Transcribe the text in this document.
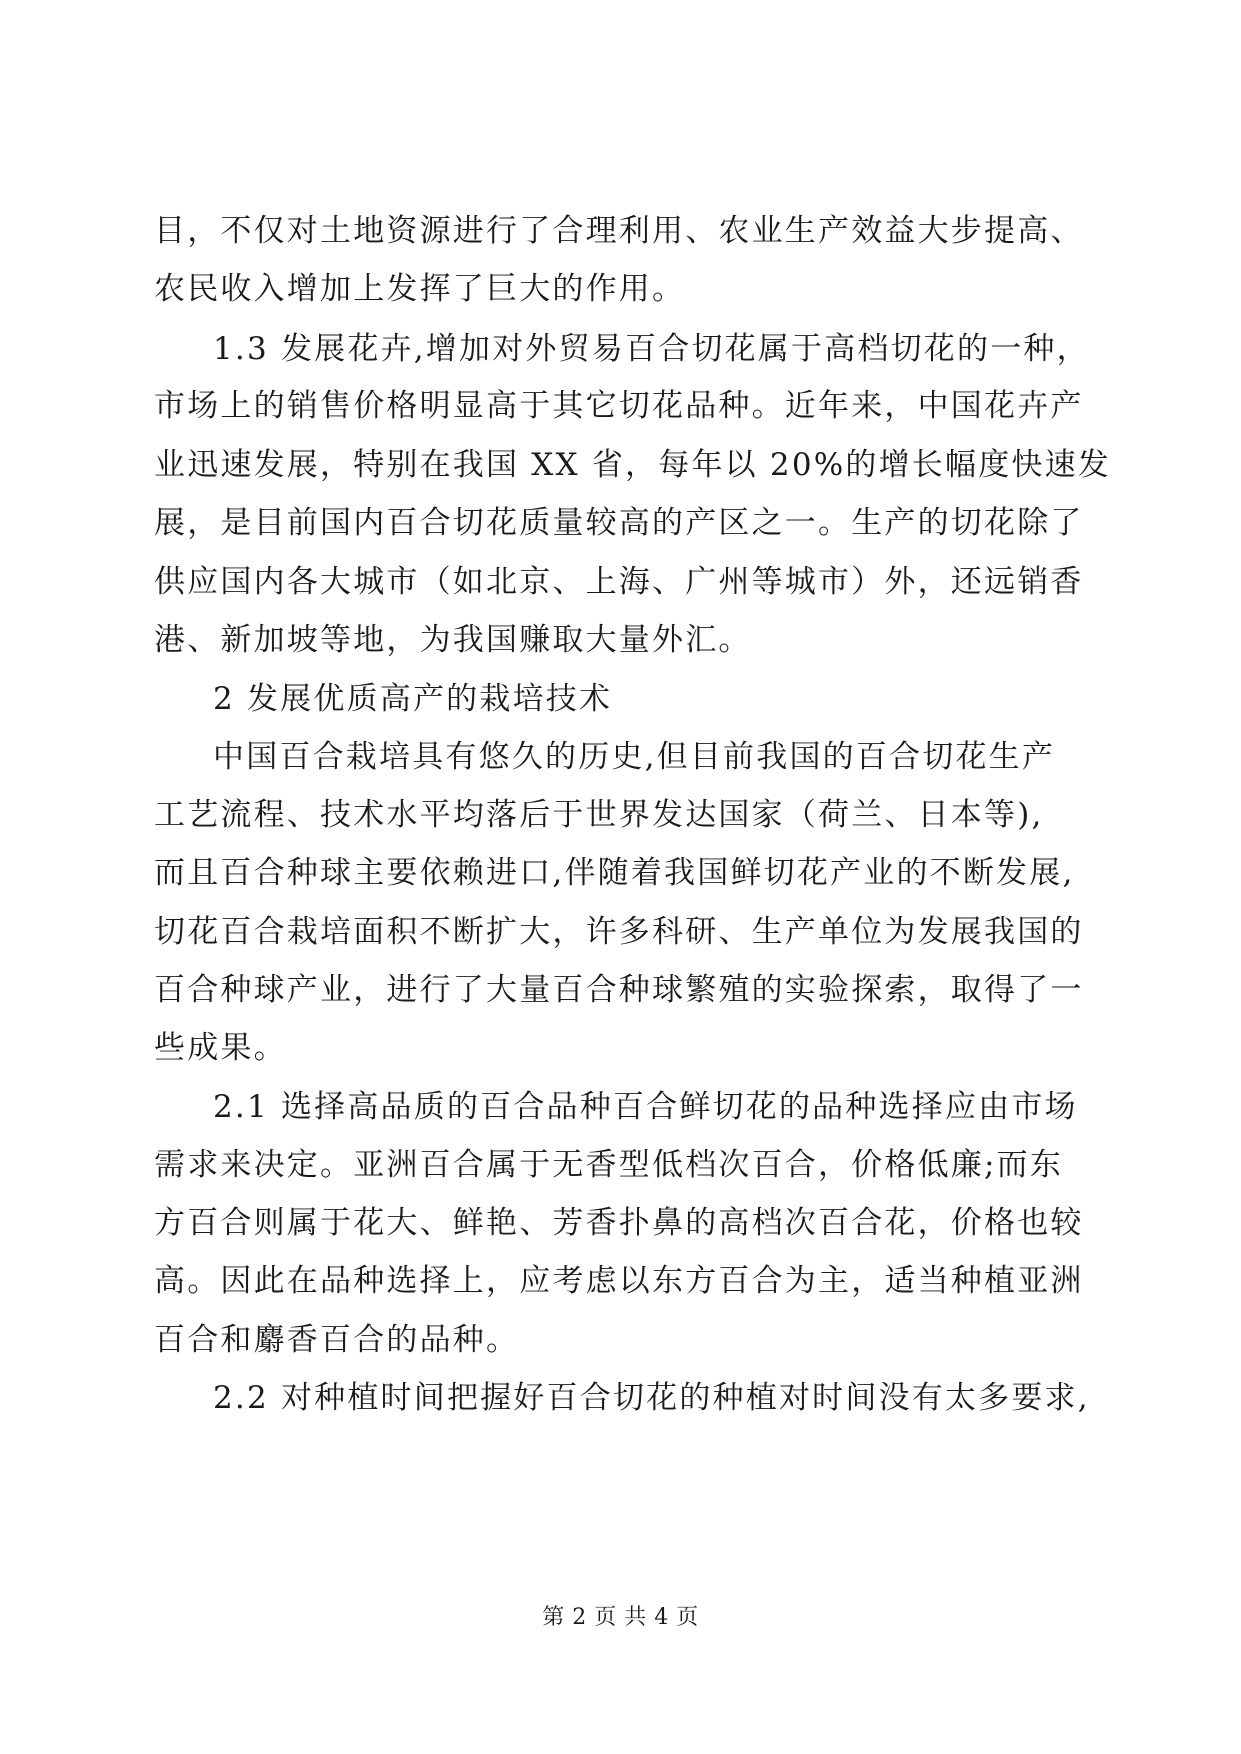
目，不仅对土地资源进行了合理利用、农业生产效益大步提高、
农民收入增加上发挥了巨大的作用。
1.3 发展花卉,增加对外贸易百合切花属于高档切花的一种，
市场上的销售价格明显高于其它切花品种。近年来，中国花卉产
业迅速发展，特别在我国 XX 省，每年以 20%的增长幅度快速发
展，是目前国内百合切花质量较高的产区之一。生产的切花除了
供应国内各大城市（如北京、上海、广州等城市）外，还远销香
港、新加坡等地，为我国赚取大量外汇。
2 发展优质高产的栽培技术
中国百合栽培具有悠久的历史,但目前我国的百合切花生产
工艺流程、技术水平均落后于世界发达国家（荷兰、日本等),
而且百合种球主要依赖进口,伴随着我国鲜切花产业的不断发展,
切花百合栽培面积不断扩大，许多科研、生产单位为发展我国的
百合种球产业，进行了大量百合种球繁殖的实验探索，取得了一
些成果。
2.1 选择高品质的百合品种百合鲜切花的品种选择应由市场
需求来决定。亚洲百合属于无香型低档次百合，价格低廉;而东
方百合则属于花大、鲜艳、芳香扑鼻的高档次百合花，价格也较
高。因此在品种选择上，应考虑以东方百合为主，适当种植亚洲
百合和麝香百合的品种。
2.2 对种植时间把握好百合切花的种植对时间没有太多要求,
第 2 页 共 4 页
